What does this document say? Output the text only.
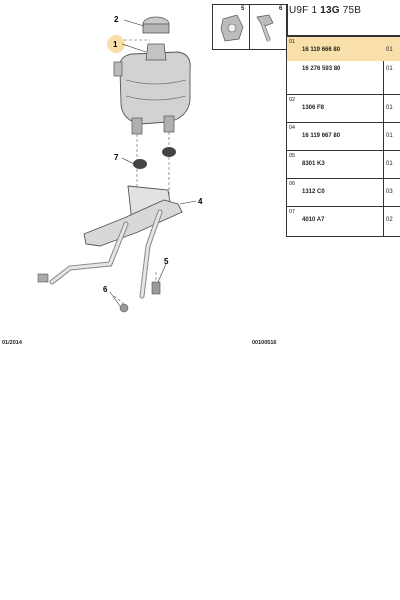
2
1
4
7
5
6
5	6 U9F 1 13G 75B
01
16 119 666 80	01
16 276 593 80	01
02
1306 F8	01
04
16 119 667 80	01
05
8301 K3	01
06
1312 C0	03
07
4010 A7	02
01/2014	00100516
